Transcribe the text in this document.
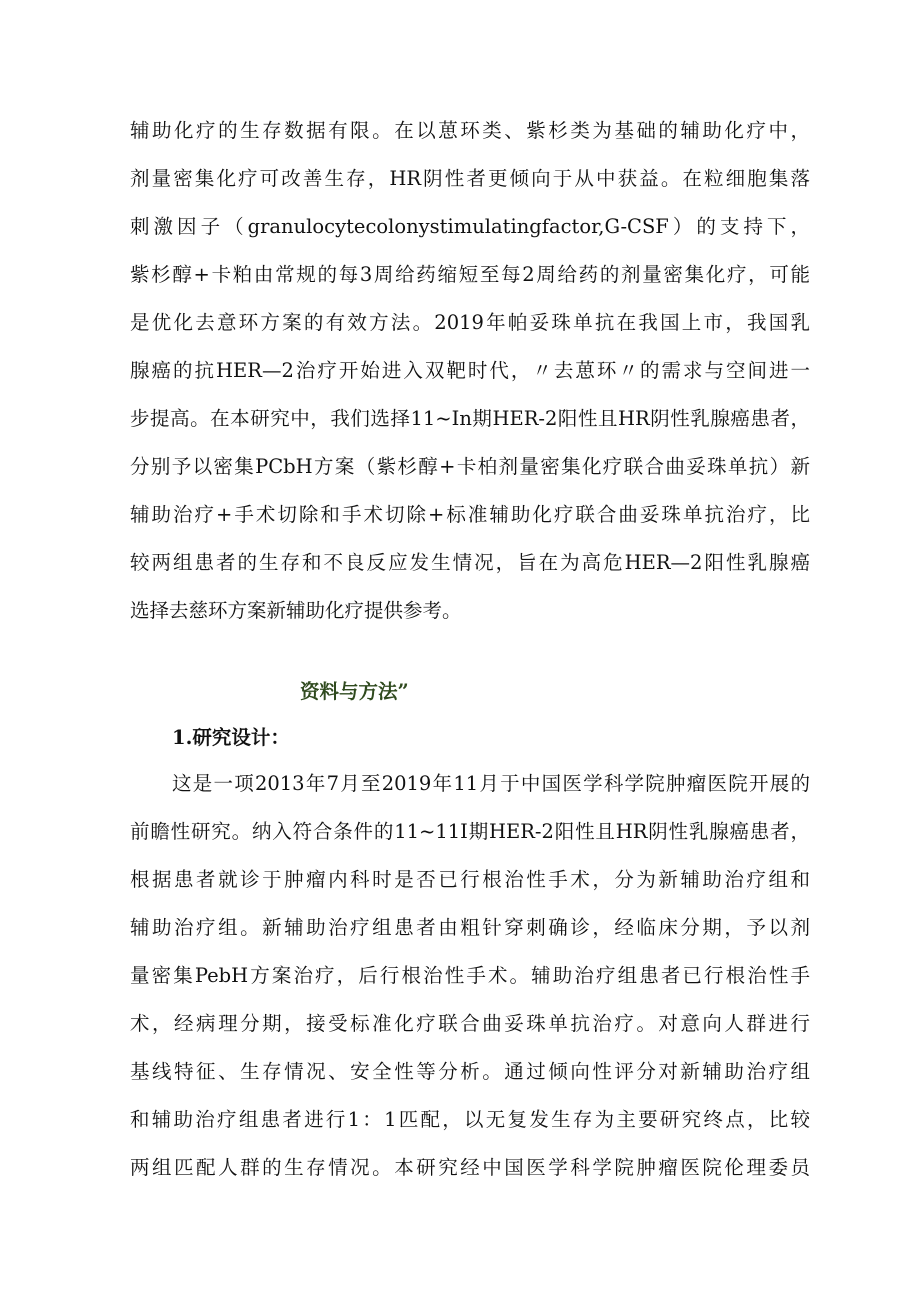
辅助化疗的生存数据有限。在以葸环类、紫杉类为基础的辅助化疗中，
剂量密集化疗可改善生存，HR阴性者更倾向于从中获益。在粒细胞集落
刺激因子（granulocytecolonystimulatingfactor,G-CSF）的支持下，
紫杉醇+卡粕由常规的每3周给药缩短至每2周给药的剂量密集化疗，可能
是优化去意环方案的有效方法。2019年帕妥珠单抗在我国上市，我国乳
腺癌的抗HER—2治疗开始进入双靶时代，〃去葸环〃的需求与空间进一
步提高。在本研究中，我们选择11~In期HER-2阳性且HR阴性乳腺癌患者，
分别予以密集PCbH方案（紫杉醇+卡柏剂量密集化疗联合曲妥珠单抗）新
辅助治疗+手术切除和手术切除+标准辅助化疗联合曲妥珠单抗治疗，比
较两组患者的生存和不良反应发生情况，旨在为高危HER—2阳性乳腺癌
选择去慈环方案新辅助化疗提供参考。
资料与方法”
1.研究设计：
这是一项2013年7月至2019年11月于中国医学科学院肿瘤医院开展的
前瞻性研究。纳入符合条件的11~11I期HER-2阳性且HR阴性乳腺癌患者，
根据患者就诊于肿瘤内科时是否已行根治性手术，分为新辅助治疗组和
辅助治疗组。新辅助治疗组患者由粗针穿刺确诊，经临床分期，予以剂
量密集PebH方案治疗，后行根治性手术。辅助治疗组患者已行根治性手
术，经病理分期，接受标准化疗联合曲妥珠单抗治疗。对意向人群进行
基线特征、生存情况、安全性等分析。通过倾向性评分对新辅助治疗组
和辅助治疗组患者进行1：1匹配，以无复发生存为主要研究终点，比较
两组匹配人群的生存情况。本研究经中国医学科学院肿瘤医院伦理委员
